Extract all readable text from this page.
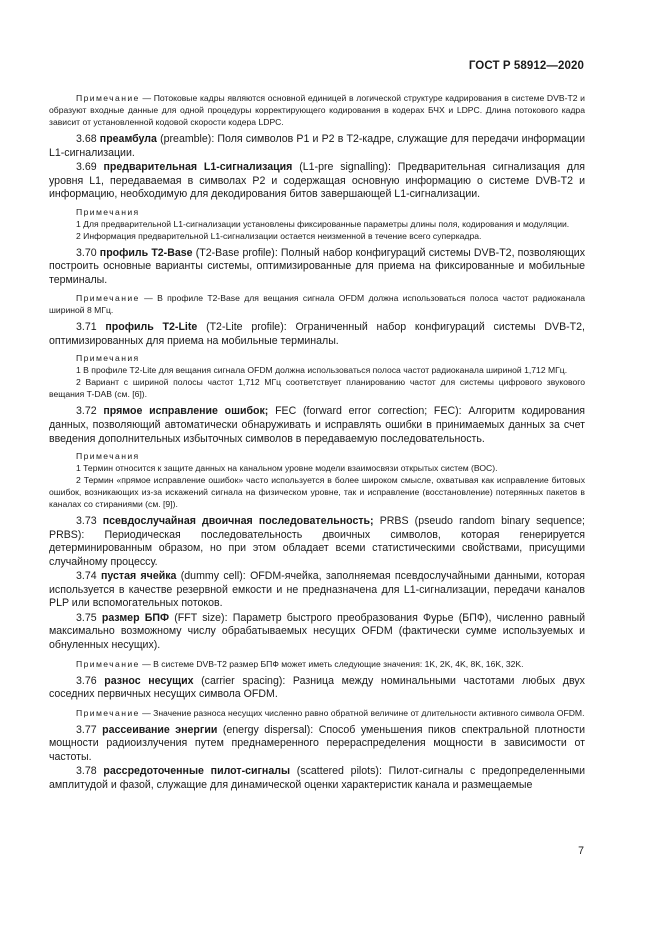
ГОСТ Р 58912—2020

Примечание — Потоковые кадры являются основной единицей в логической структуре кадрирования в системе DVB-T2 и образуют входные данные для одной процедуры корректирующего кодирования в кодерах БЧХ и LDPC. Длина потокового кадра зависит от установленной кодовой скорости кодера LDPC.

3.68 преамбула (preamble): Поля символов P1 и P2 в Т2-кадре, служащие для передачи информации L1-сигнализации.

3.69 предварительная L1-сигнализация (L1-pre signalling): Предварительная сигнализация для уровня L1, передаваемая в символах P2 и содержащая основную информацию о системе DVB-T2 и информацию, необходимую для декодирования битов завершающей L1-сигнализации.

Примечания

1 Для предварительной L1-сигнализации установлены фиксированные параметры длины поля, кодирования и модуляции.

2 Информация предварительной L1-сигнализации остается неизменной в течение всего суперкадра.

3.70 профиль T2-Base (T2-Base profile): Полный набор конфигураций системы DVB-T2, позволяющих построить основные варианты системы, оптимизированные для приема на фиксированные и мобильные терминалы.

Примечание — В профиле T2-Base для вещания сигнала OFDM должна использоваться полоса частот радиоканала шириной 8 МГц.

3.71 профиль T2-Lite (T2-Lite profile): Ограниченный набор конфигураций системы DVB-T2, оптимизированных для приема на мобильные терминалы.

Примечания

1 В профиле T2-Lite для вещания сигнала OFDM должна использоваться полоса частот радиоканала шириной 1,712 МГц.

2 Вариант с шириной полосы частот 1,712 МГц соответствует планированию частот для системы цифрового звукового вещания T-DAB (см. [6]).

3.72 прямое исправление ошибок; FEC (forward error correction; FEC): Алгоритм кодирования данных, позволяющий автоматически обнаруживать и исправлять ошибки в принимаемых данных за счет введения дополнительных избыточных символов в передаваемую последовательность.

Примечания

1 Термин относится к защите данных на канальном уровне модели взаимосвязи открытых систем (ВОС).

2 Термин «прямое исправление ошибок» часто используется в более широком смысле, охватывая как исправление битовых ошибок, возникающих из-за искажений сигнала на физическом уровне, так и исправление (восстановление) потерянных пакетов в каналах со стираниями (см. [9]).

3.73 псевдослучайная двоичная последовательность; PRBS (pseudo random binary sequence; PRBS): Периодическая последовательность двоичных символов, которая генерируется детерминированным образом, но при этом обладает всеми статистическими свойствами, присущими случайному процессу.

3.74 пустая ячейка (dummy cell): OFDM-ячейка, заполняемая псевдослучайными данными, которая используется в качестве резервной емкости и не предназначена для L1-сигнализации, передачи каналов PLP или вспомогательных потоков.

3.75 размер БПФ (FFT size): Параметр быстрого преобразования Фурье (БПФ), численно равный максимально возможному числу обрабатываемых несущих OFDM (фактически сумме используемых и обнуленных несущих).

Примечание — В системе DVB-T2 размер БПФ может иметь следующие значения: 1K, 2K, 4K, 8K, 16K, 32K.

3.76 разнос несущих (carrier spacing): Разница между номинальными частотами любых двух соседних первичных несущих символа OFDM.

Примечание — Значение разноса несущих численно равно обратной величине от длительности активного символа OFDM.

3.77 рассеивание энергии (energy dispersal): Способ уменьшения пиков спектральной плотности мощности радиоизлучения путем преднамеренного перераспределения мощности в зависимости от частоты.

3.78 рассредоточенные пилот-сигналы (scattered pilots): Пилот-сигналы с предопределенными амплитудой и фазой, служащие для динамической оценки характеристик канала и размещаемые

7
